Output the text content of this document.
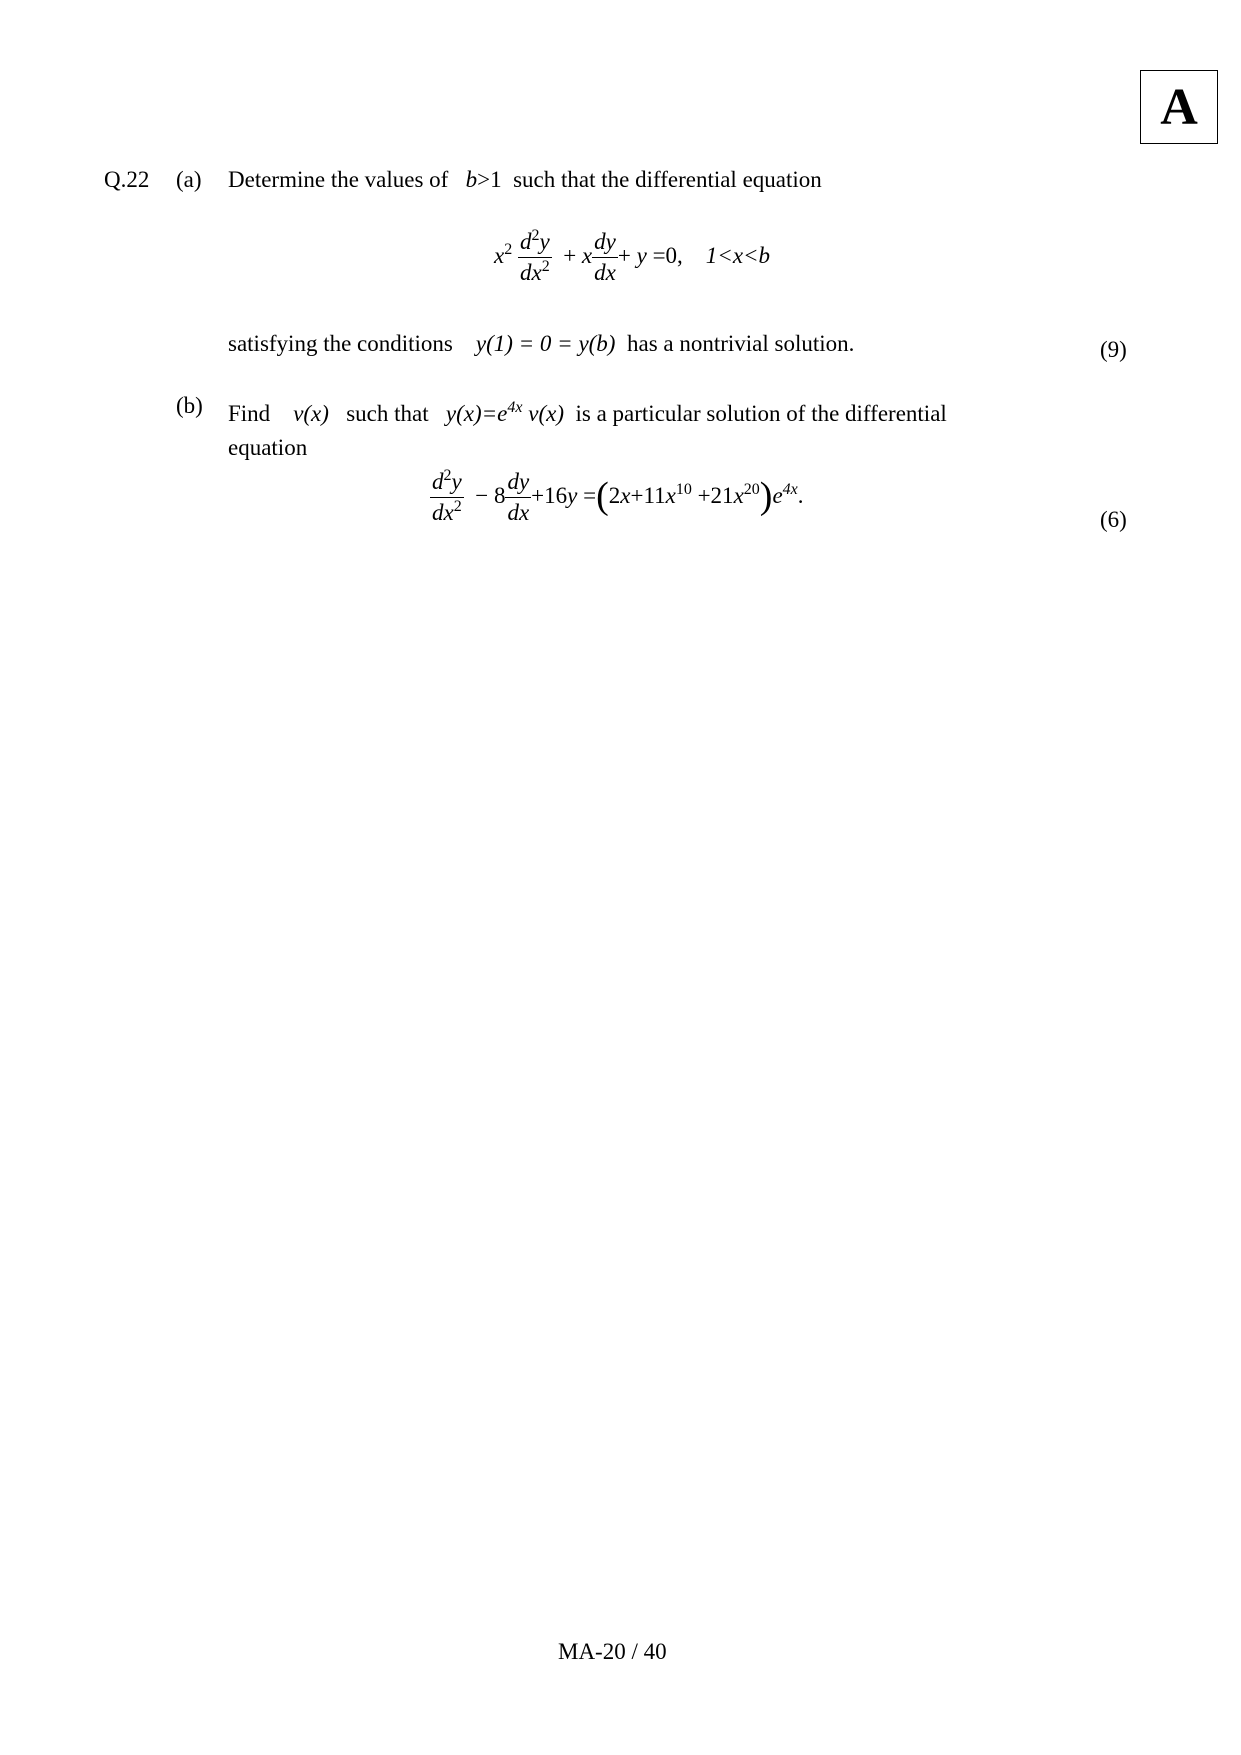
A
Q.22 (a) Determine the values of b>1 such that the differential equation
$x^2 \frac{d^2y}{dx^2} + x \frac{dy}{dx} + y =0$,    1<x<b
satisfying the conditions y(1) = 0 = y(b) has a nontrivial solution.	(9)
(b) Find v(x) such that $y(x)=e^{4x}$ v(x) is a particular solution of the differential
equation
$\frac{d^2y}{dx^2} - 8 \frac{dy}{dx} +16y =(2x+11x^{10} +21x^{20})e^{4x}$.
(6)
MA-20 / 40
